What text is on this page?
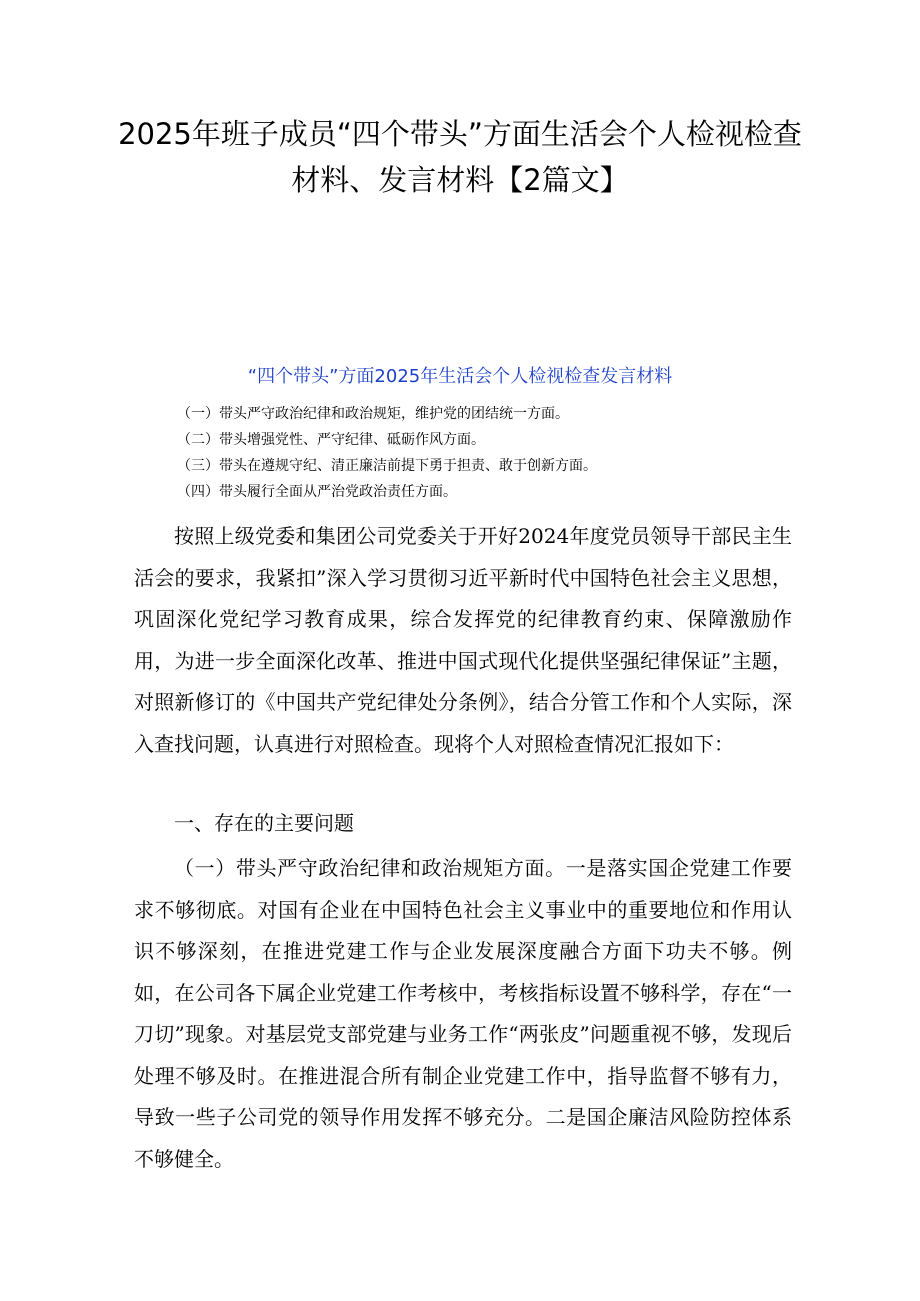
2025年班子成员“四个带头”方面生活会个人检视检查
材料、发言材料【2篇文】
“四个带头”方面2025年生活会个人检视检查发言材料
（一）带头严守政治纪律和政治规矩，维护党的团结统一方面。
（二）带头增强党性、严守纪律、砥砺作风方面。
（三）带头在遵规守纪、清正廉洁前提下勇于担责、敢于创新方面。
（四）带头履行全面从严治党政治责任方面。
按照上级党委和集团公司党委关于开好2024年度党员领导干部民主生活会的要求，我紧扣”深入学习贯彻习近平新时代中国特色社会主义思想，巩固深化党纪学习教育成果，综合发挥党的纪律教育约束、保障激励作用，为进一步全面深化改革、推进中国式现代化提供坚强纪律保证”主题，对照新修订的《中国共产党纪律处分条例》，结合分管工作和个人实际，深入查找问题，认真进行对照检查。现将个人对照检查情况汇报如下：
一、存在的主要问题
（一）带头严守政治纪律和政治规矩方面。一是落实国企党建工作要求不够彻底。对国有企业在中国特色社会主义事业中的重要地位和作用认识不够深刻，在推进党建工作与企业发展深度融合方面下功夫不够。例如，在公司各下属企业党建工作考核中，考核指标设置不够科学，存在“一刀切”现象。对基层党支部党建与业务工作“两张皮”问题重视不够，发现后处理不够及时。在推进混合所有制企业党建工作中，指导监督不够有力，导致一些子公司党的领导作用发挥不够充分。二是国企廉洁风险防控体系不够健全。
